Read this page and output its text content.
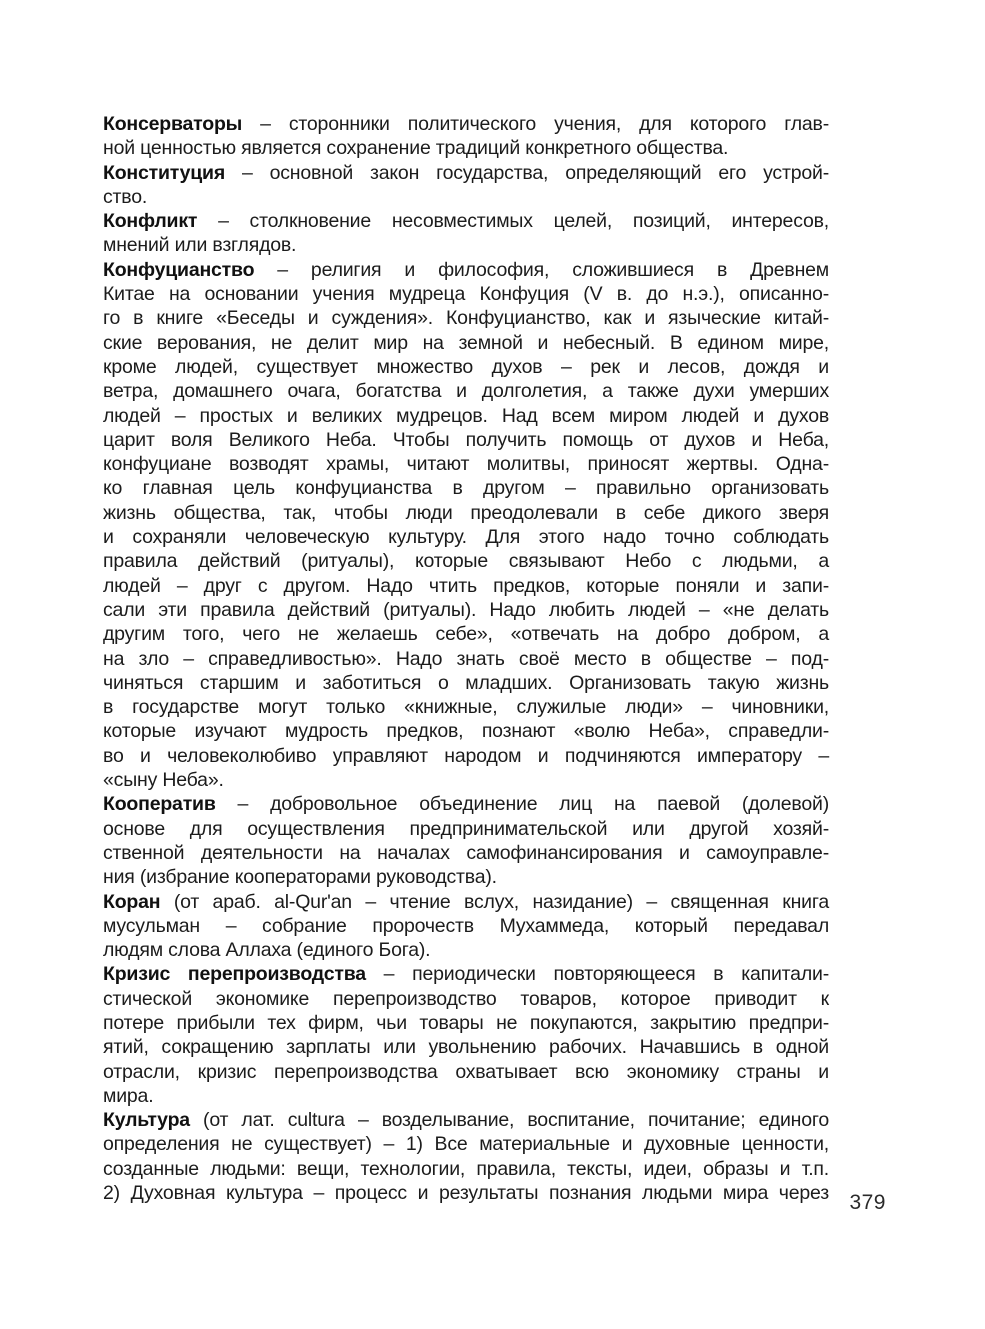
Консерваторы – сторонники политического учения, для которого глав-
ной ценностью является сохранение традиций конкретного общества.
Конституция – основной закон государства, определяющий его устрой-
ство.
Конфликт – столкновение несовместимых целей, позиций, интересов,
мнений или взглядов.
Конфуцианство – религия и философия, сложившиеся в Древнем
Китае на основании учения мудреца Конфуция (V в. до н.э.), описанно-
го в книге «Беседы и суждения». Конфуцианство, как и языческие китай-
ские верования, не делит мир на земной и небесный. В едином мире,
кроме людей, существует множество духов – рек и лесов, дождя и
ветра, домашнего очага, богатства и долголетия, а также духи умерших
людей – простых и великих мудрецов. Над всем миром людей и духов
царит воля Великого Неба. Чтобы получить помощь от духов и Неба,
конфуциане возводят храмы, читают молитвы, приносят жертвы. Одна-
ко главная цель конфуцианства в другом – правильно организовать
жизнь общества, так, чтобы люди преодолевали в себе дикого зверя
и сохраняли человеческую культуру. Для этого надо точно соблюдать
правила действий (ритуалы), которые связывают Небо с людьми, а
людей – друг с другом. Надо чтить предков, которые поняли и запи-
сали эти правила действий (ритуалы). Надо любить людей – «не делать
другим того, чего не желаешь себе», «отвечать на добро добром, а
на зло – справедливостью». Надо знать своё место в обществе – под-
чиняться старшим и заботиться о младших. Организовать такую жизнь
в государстве могут только «книжные, служилые люди» – чиновники,
которые изучают мудрость предков, познают «волю Неба», справедли-
во и человеколюбиво управляют народом и подчиняются императору –
«сыну Неба».
Кооператив – добровольное объединение лиц на паевой (долевой)
основе для осуществления предпринимательской или другой хозяй-
ственной деятельности на началах самофинансирования и самоуправле-
ния (избрание кооператорами руководства).
Коран (от араб. al-Qur'an – чтение вслух, назидание) – священная книга
мусульман – собрание пророчеств Мухаммеда, который передавал
людям слова Аллаха (единого Бога).
Кризис перепроизводства – периодически повторяющееся в капитали-
стической экономике перепроизводство товаров, которое приводит к
потере прибыли тех фирм, чьи товары не покупаются, закрытию предпри-
ятий, сокращению зарплаты или увольнению рабочих. Начавшись в одной
отрасли, кризис перепроизводства охватывает всю экономику страны и
мира.
Культура (от лат. cultura – возделывание, воспитание, почитание; единого
определения не существует) – 1) Все материальные и духовные ценности,
созданные людьми: вещи, технологии, правила, тексты, идеи, образы и т.п.
2) Духовная культура – процесс и результаты познания людьми мира через 379
